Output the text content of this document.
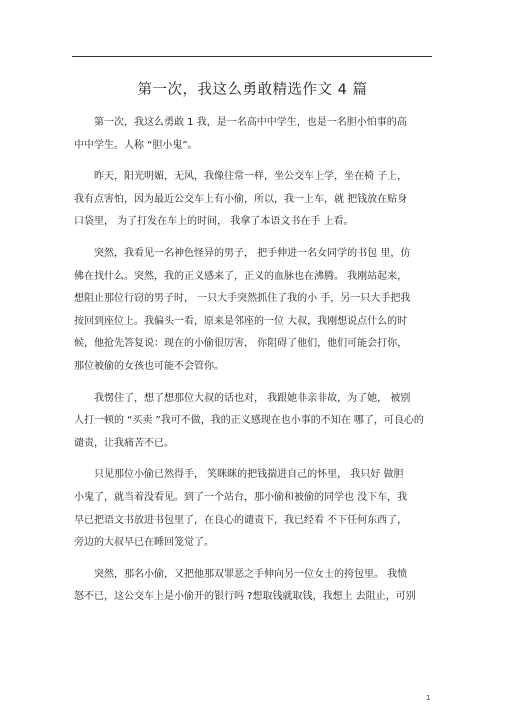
第一次，我这么勇敢精选作文 4 篇
第一次，我这么勇敢 1 我，是一名高中中学生，也是一名胆小怕事的高
中中学生。人称 “胆小鬼”。
昨天，阳光明媚，无风，我像往常一样，坐公交车上学，坐在椅 子上，
我有点害怕，因为最近公交车上有小偷，所以，我一上车，就 把钱放在贴身
口袋里， 为了打发在车上的时间， 我拿了本语文书在手 上看。
突然，我看见一名神色怪异的男子， 把手伸进一名女同学的书包 里，仿
佛在找什么。突然，我的正义感来了，正义的血脉也在沸腾。 我刚站起来，
想阻止那位行窃的男子时， 一只大手突然抓住了我的小 手，另一只大手把我
按回到座位上。我偏头一看，原来是邻座的一位 大叔，我刚想说点什么的时
候，他抢先答复说：现在的小偷很厉害， 你阻碍了他们，他们可能会打你，
那位被偷的女孩也可能不会管你。
我愣住了，想了想那位大叔的话也对， 我跟她非亲非故，为了她， 被别
人打一顿的 “买卖 ”我可不做，我的正义感现在也小事的不知在 哪了，可良心的
谴责，让我痛苦不已。
只见那位小偷已然得手， 笑眯眯的把钱揣进自己的怀里， 我只好 做胆
小鬼了，就当着没看见。到了一个站台，那小偷和被偷的同学也 没下车，我
早已把语文书放进书包里了，在良心的谴责下，我已经看 不下任何东西了，
旁边的大叔早已在睡回笼觉了。
突然，那名小偷，又把他那双罪恶之手伸向另一位女士的挎包里。 我愤
怒不已，这公交车上是小偷开的银行吗 ?想取钱就取钱，我想上 去阻止，可别
1
